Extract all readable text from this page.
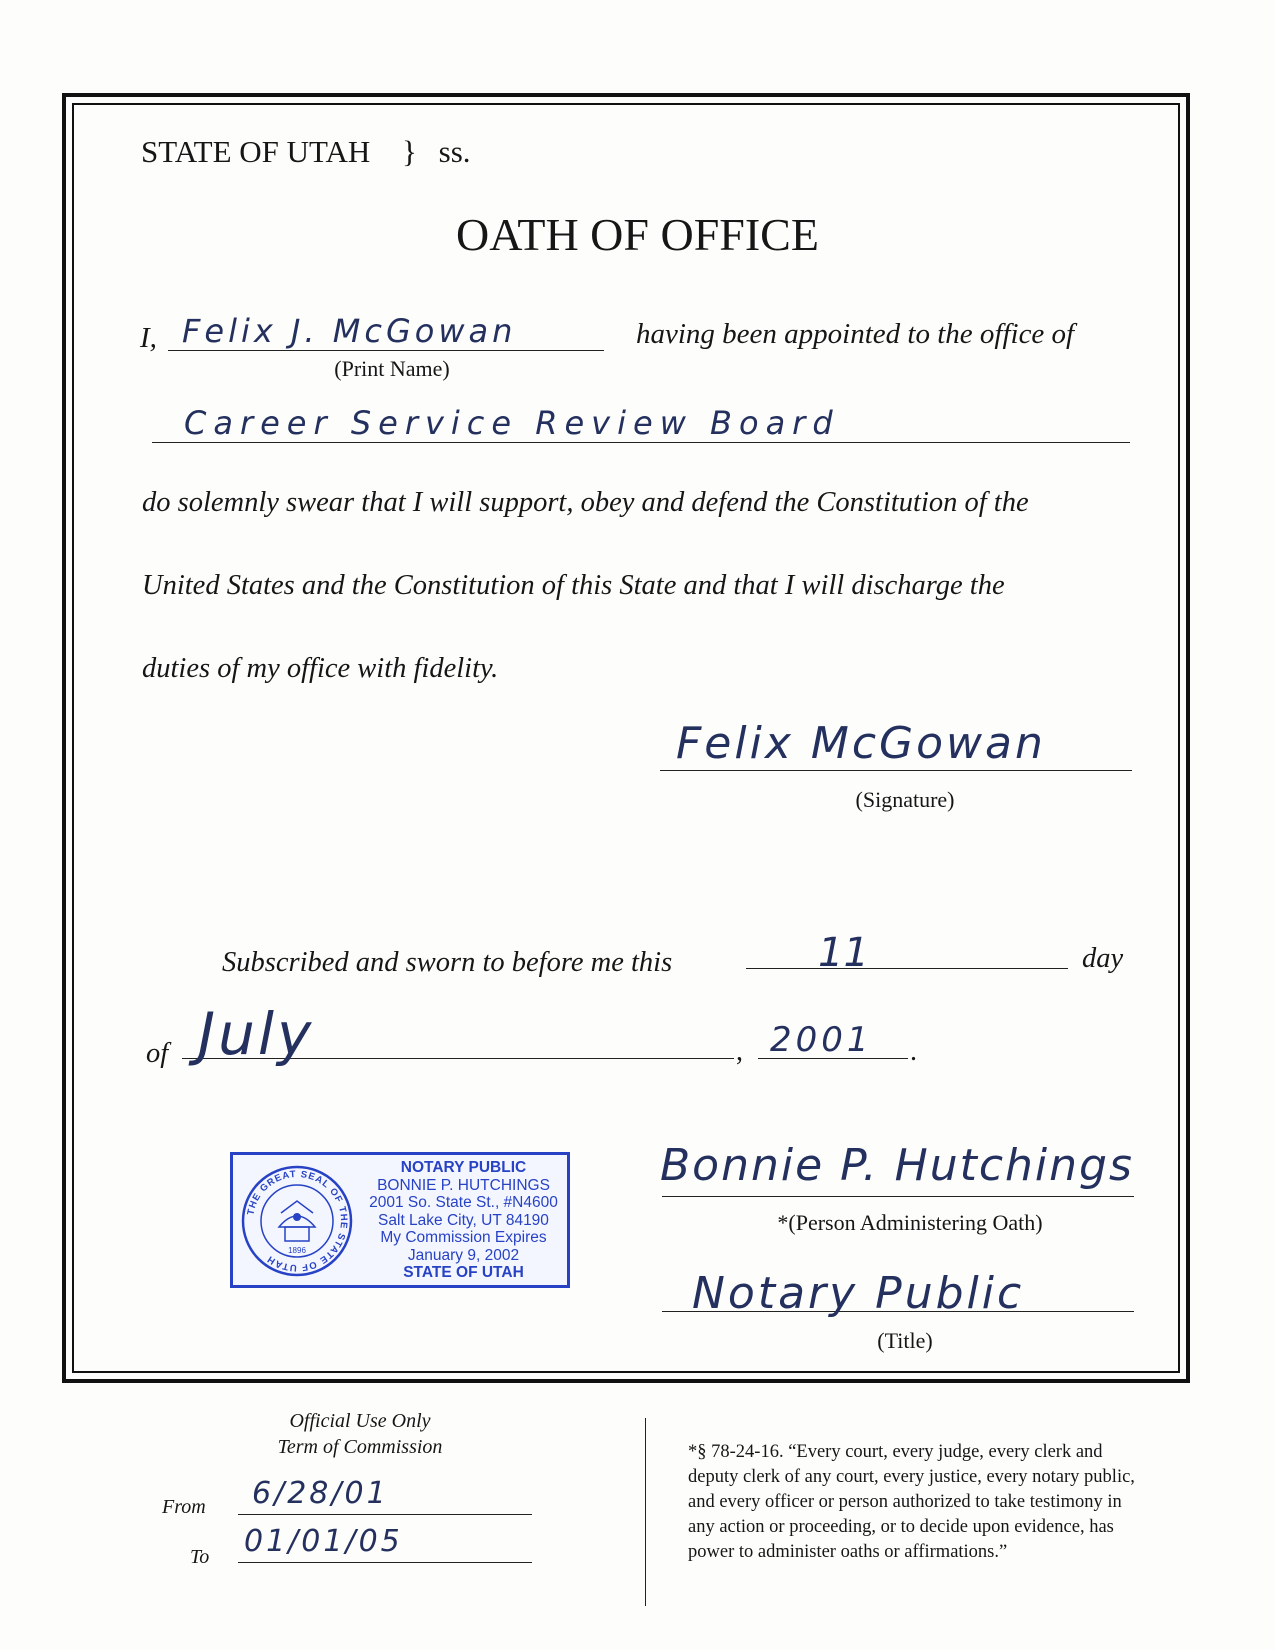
STATE OF UTAH } ss.
OATH OF OFFICE
I, Felix J. McGowan
(Print Name)
having been appointed to the office of
Career Service Review Board
do solemnly swear that I will support, obey and defend the Constitution of the
United States and the Constitution of this State and that I will discharge the
duties of my office with fidelity.
Felix McGowan
(Signature)
Subscribed and sworn to before me this	11	day
of July	, 2001 .
THE GREAT SEAL OF THE STATE OF UTAH
1896
NOTARY PUBLIC
BONNIE P. HUTCHINGS
2001 So. State St., #N4600
Salt Lake City, UT 84190
My Commission Expires
January 9, 2002
STATE OF UTAH
Bonnie P. Hutchings
*(Person Administering Oath)
Notary Public
(Title)
Official Use Only
Term of Commission
From 6/28/01
To 01/01/05
*§ 78-24-16. “Every court, every judge, every clerk and
deputy clerk of any court, every justice, every notary public,
and every officer or person authorized to take testimony in
any action or proceeding, or to decide upon evidence, has
power to administer oaths or affirmations.”
